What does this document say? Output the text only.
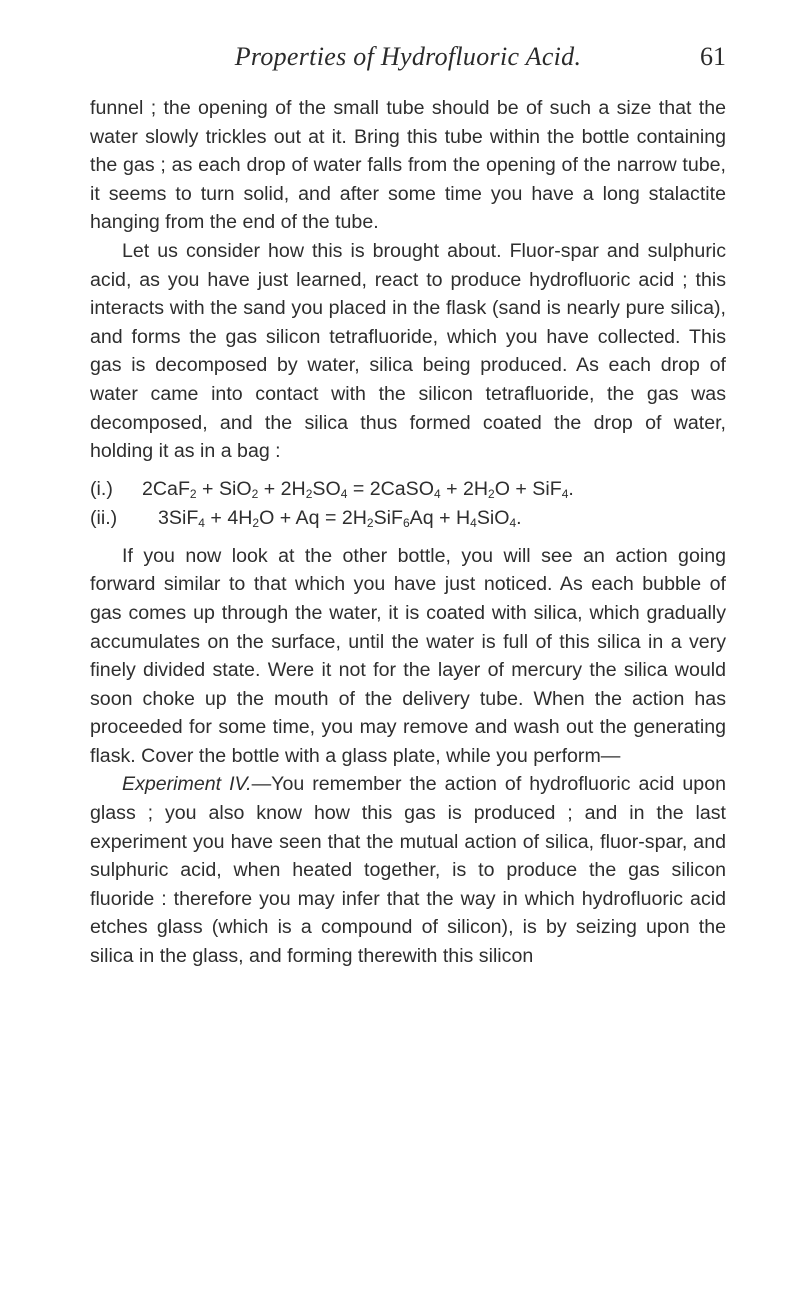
Properties of Hydrofluoric Acid.	61

funnel ; the opening of the small tube should be of such a size that the water slowly trickles out at it. Bring this tube within the bottle containing the gas ; as each drop of water falls from the opening of the narrow tube, it seems to turn solid, and after some time you have a long stalactite hanging from the end of the tube.

Let us consider how this is brought about. Fluor-spar and sulphuric acid, as you have just learned, react to produce hydrofluoric acid ; this interacts with the sand you placed in the flask (sand is nearly pure silica), and forms the gas silicon tetrafluoride, which you have collected. This gas is decomposed by water, silica being produced. As each drop of water came into contact with the silicon tetrafluoride, the gas was decomposed, and the silica thus formed coated the drop of water, holding it as in a bag :

(i.) $2CaF_2 + SiO_2 + 2H_2SO_4$ = 2CaSO$_4$ + $2H_2O + SiF_4$.
(ii.) $3SiF_4 + 4H_2O + Aq = 2H_2SiF_6Aq + H_4SiO_4$.

If you now look at the other bottle, you will see an action going forward similar to that which you have just noticed. As each bubble of gas comes up through the water, it is coated with silica, which gradually accumulates on the surface, until the water is full of this silica in a very finely divided state. Were it not for the layer of mercury the silica would soon choke up the mouth of the delivery tube. When the action has proceeded for some time, you may remove and wash out the generating flask. Cover the bottle with a glass plate, while you perform—

Experiment IV.—You remember the action of hydrofluoric acid upon glass ; you also know how this gas is produced ; and in the last experiment you have seen that the mutual action of silica, fluor-spar, and sulphuric acid, when heated together, is to produce the gas silicon fluoride : therefore you may infer that the way in which hydrofluoric acid etches glass (which is a compound of silicon), is by seizing upon the silica in the glass, and forming therewith this silicon
